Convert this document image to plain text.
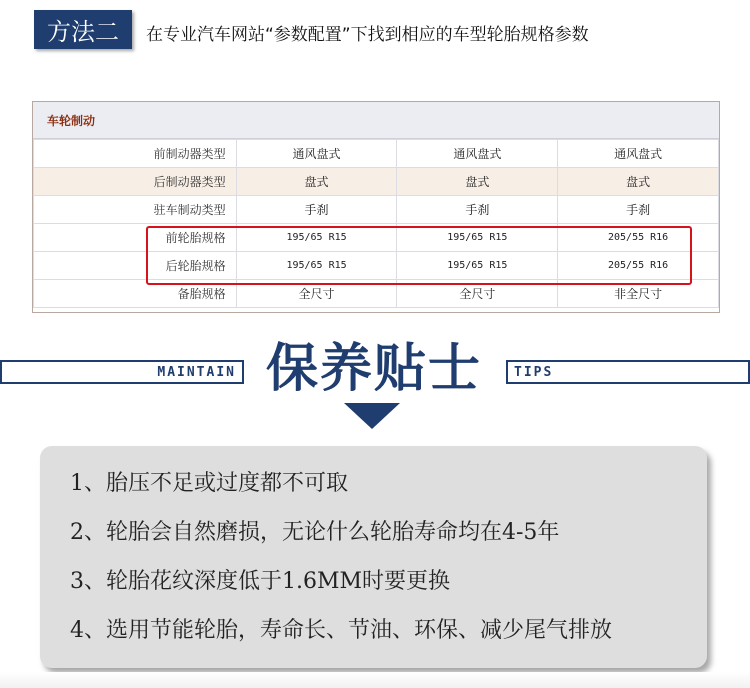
方法二	在专业汽车网站“参数配置”下找到相应的车型轮胎规格参数
车轮制动
前制动器类型	通风盘式	通风盘式	通风盘式
后制动器类型	盘式	盘式	盘式
驻车制动类型	手刹	手刹	手刹
前轮胎规格	195/65 R15	195/65 R15	205/55 R16
后轮胎规格	195/65 R15	195/65 R15	205/55 R16
备胎规格	全尺寸	全尺寸	非全尺寸
MAINTAIN 保养贴士	TIPS
1、胎压不足或过度都不可取
2、轮胎会自然磨损，无论什么轮胎寿命均在4-5年
3、轮胎花纹深度低于1.6MM时要更换
4、选用节能轮胎，寿命长、节油、环保、减少尾气排放
